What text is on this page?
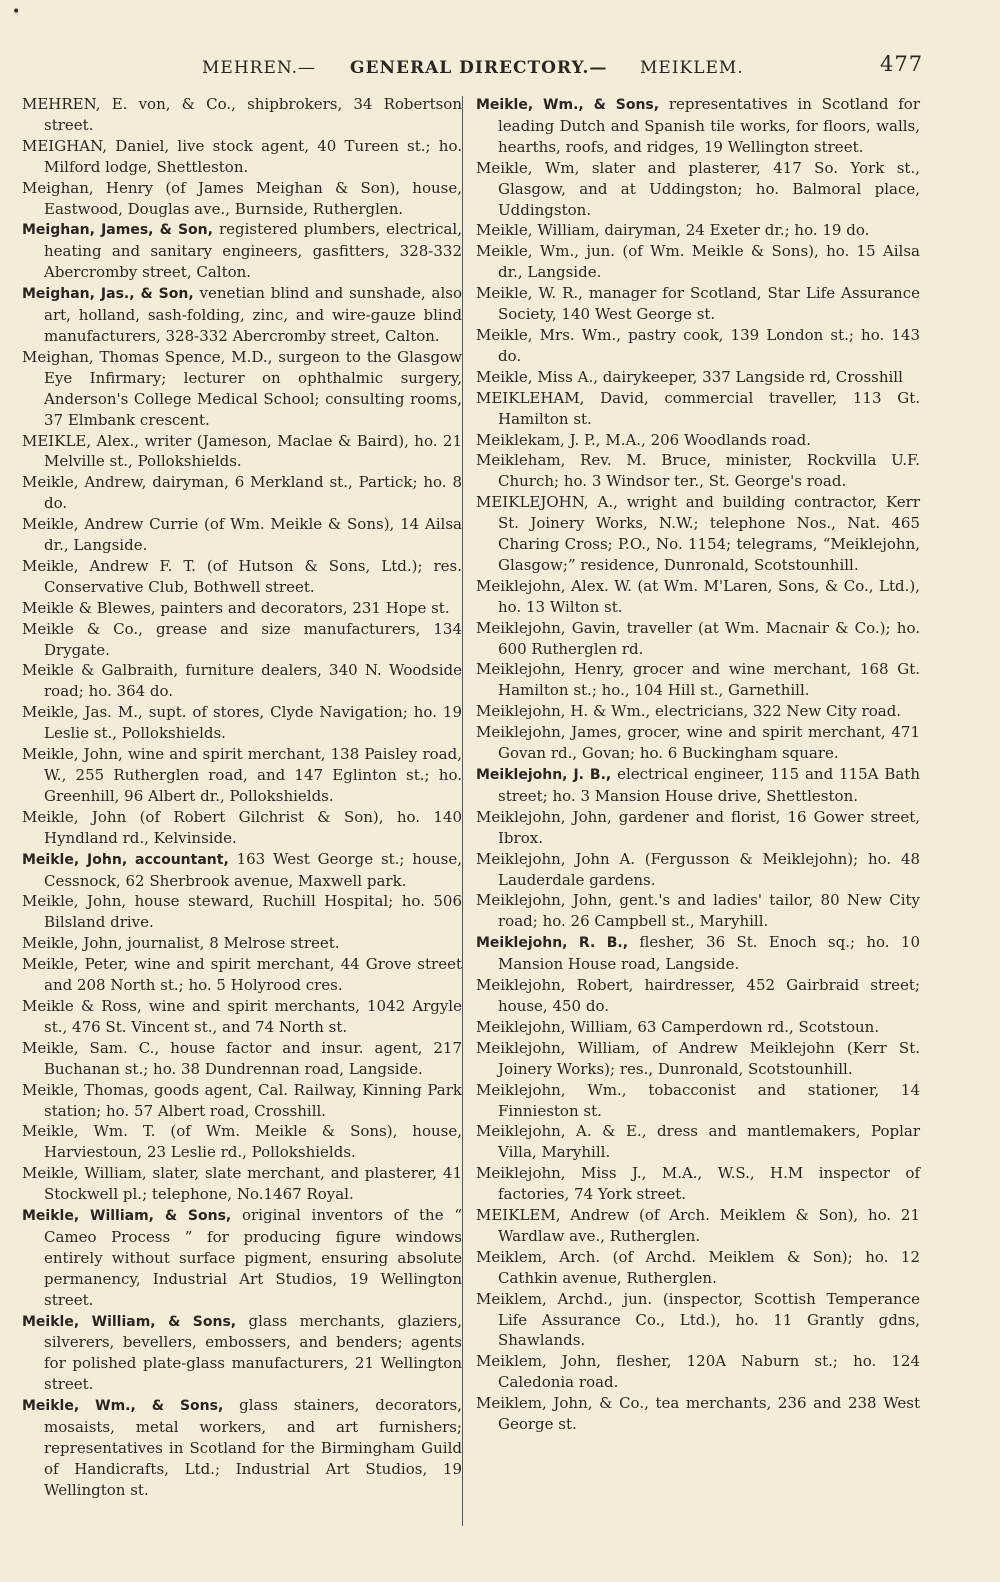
•
MEHREN.— GENERAL DIRECTORY.— MEIKLEM.	477

MEHREN, E. von, & Co., shipbrokers, 34 Robertson street.

MEIGHAN, Daniel, live stock agent, 40 Tureen st.; ho. Milford lodge, Shettleston.

Meighan, Henry (of James Meighan & Son), house, Eastwood, Douglas ave., Burnside, Rutherglen.

Meighan, James, & Son, registered plumbers, electrical, heating and sanitary engineers, gasfitters, 328-332 Abercromby street, Calton.

Meighan, Jas., & Son, venetian blind and sunshade, also art, holland, sash-folding, zinc, and wire-gauze blind manufacturers, 328-332 Abercromby street, Calton.

Meighan, Thomas Spence, M.D., surgeon to the Glasgow Eye Infirmary; lecturer on ophthalmic surgery, Anderson's College Medical School; consulting rooms, 37 Elmbank crescent.

MEIKLE, Alex., writer (Jameson, Maclae & Baird), ho. 21 Melville st., Pollokshields.

Meikle, Andrew, dairyman, 6 Merkland st., Partick; ho. 8 do.

Meikle, Andrew Currie (of Wm. Meikle & Sons), 14 Ailsa dr., Langside.

Meikle, Andrew F. T. (of Hutson & Sons, Ltd.); res. Conservative Club, Bothwell street.

Meikle & Blewes, painters and decorators, 231 Hope st.

Meikle & Co., grease and size manufacturers, 134 Drygate.

Meikle & Galbraith, furniture dealers, 340 N. Woodside road; ho. 364 do.

Meikle, Jas. M., supt. of stores, Clyde Navigation; ho. 19 Leslie st., Pollokshields.

Meikle, John, wine and spirit merchant, 138 Paisley road, W., 255 Rutherglen road, and 147 Eglinton st.; ho. Greenhill, 96 Albert dr., Pollokshields.

Meikle, John (of Robert Gilchrist & Son), ho. 140 Hyndland rd., Kelvinside.

Meikle, John, accountant, 163 West George st.; house, Cessnock, 62 Sherbrook avenue, Maxwell park.

Meikle, John, house steward, Ruchill Hospital; ho. 506 Bilsland drive.

Meikle, John, journalist, 8 Melrose street.

Meikle, Peter, wine and spirit merchant, 44 Grove street and 208 North st.; ho. 5 Holyrood cres.

Meikle & Ross, wine and spirit merchants, 1042 Argyle st., 476 St. Vincent st., and 74 North st.

Meikle, Sam. C., house factor and insur. agent, 217 Buchanan st.; ho. 38 Dundrennan road, Langside.

Meikle, Thomas, goods agent, Cal. Railway, Kinning Park station; ho. 57 Albert road, Crosshill.

Meikle, Wm. T. (of Wm. Meikle & Sons), house, Harviestoun, 23 Leslie rd., Pollokshields.

Meikle, William, slater, slate merchant, and plasterer, 41 Stockwell pl.; telephone, No.1467 Royal.

Meikle, William, & Sons, original inventors of the “ Cameo Process ” for producing figure windows entirely without surface pigment, ensuring absolute permanency, Industrial Art Studios, 19 Wellington street.

Meikle, William, & Sons, glass merchants, glaziers, silverers, bevellers, embossers, and benders; agents for polished plate-glass manufacturers, 21 Wellington street.

Meikle, Wm., & Sons, glass stainers, decorators, mosaists, metal workers, and art furnishers; representatives in Scotland for the Birmingham Guild of Handicrafts, Ltd.; Industrial Art Studios, 19 Wellington st.

Meikle, Wm., & Sons, representatives in Scotland for leading Dutch and Spanish tile works, for floors, walls, hearths, roofs, and ridges, 19 Wellington street.

Meikle, Wm, slater and plasterer, 417 So. York st., Glasgow, and at Uddingston; ho. Balmoral place, Uddingston.

Meikle, William, dairyman, 24 Exeter dr.; ho. 19 do.

Meikle, Wm., jun. (of Wm. Meikle & Sons), ho. 15 Ailsa dr., Langside.

Meikle, W. R., manager for Scotland, Star Life Assurance Society, 140 West George st.

Meikle, Mrs. Wm., pastry cook, 139 London st.; ho. 143 do.

Meikle, Miss A., dairykeeper, 337 Langside rd, Crosshill

MEIKLEHAM, David, commercial traveller, 113 Gt. Hamilton st.

Meiklekam, J. P., M.A., 206 Woodlands road.

Meikleham, Rev. M. Bruce, minister, Rockvilla U.F. Church; ho. 3 Windsor ter., St. George's road.

MEIKLEJOHN, A., wright and building contractor, Kerr St. Joinery Works, N.W.; telephone Nos., Nat. 465 Charing Cross; P.O., No. 1154; telegrams, “Meiklejohn, Glasgow;” residence, Dunronald, Scotstounhill.

Meiklejohn, Alex. W. (at Wm. M'Laren, Sons, & Co., Ltd.), ho. 13 Wilton st.

Meiklejohn, Gavin, traveller (at Wm. Macnair & Co.); ho. 600 Rutherglen rd.

Meiklejohn, Henry, grocer and wine merchant, 168 Gt. Hamilton st.; ho., 104 Hill st., Garnethill.

Meiklejohn, H. & Wm., electricians, 322 New City road.

Meiklejohn, James, grocer, wine and spirit merchant, 471 Govan rd., Govan; ho. 6 Buckingham square.

Meiklejohn, J. B., electrical engineer, 115 and 115A Bath street; ho. 3 Mansion House drive, Shettleston.

Meiklejohn, John, gardener and florist, 16 Gower street, Ibrox.

Meiklejohn, John A. (Fergusson & Meiklejohn); ho. 48 Lauderdale gardens.

Meiklejohn, John, gent.'s and ladies' tailor, 80 New City road; ho. 26 Campbell st., Maryhill.

Meiklejohn, R. B., flesher, 36 St. Enoch sq.; ho. 10 Mansion House road, Langside.

Meiklejohn, Robert, hairdresser, 452 Gairbraid street; house, 450 do.

Meiklejohn, William, 63 Camperdown rd., Scotstoun.

Meiklejohn, William, of Andrew Meiklejohn (Kerr St. Joinery Works); res., Dunronald, Scotstounhill.

Meiklejohn, Wm., tobacconist and stationer, 14 Finnieston st.

Meiklejohn, A. & E., dress and mantlemakers, Poplar Villa, Maryhill.

Meiklejohn, Miss J., M.A., W.S., H.M inspector of factories, 74 York street.

MEIKLEM, Andrew (of Arch. Meiklem & Son), ho. 21 Wardlaw ave., Rutherglen.

Meiklem, Arch. (of Archd. Meiklem & Son); ho. 12 Cathkin avenue, Rutherglen.

Meiklem, Archd., jun. (inspector, Scottish Temperance Life Assurance Co., Ltd.), ho. 11 Grantly gdns, Shawlands.

Meiklem, John, flesher, 120A Naburn st.; ho. 124 Caledonia road.

Meiklem, John, & Co., tea merchants, 236 and 238 West George st.
